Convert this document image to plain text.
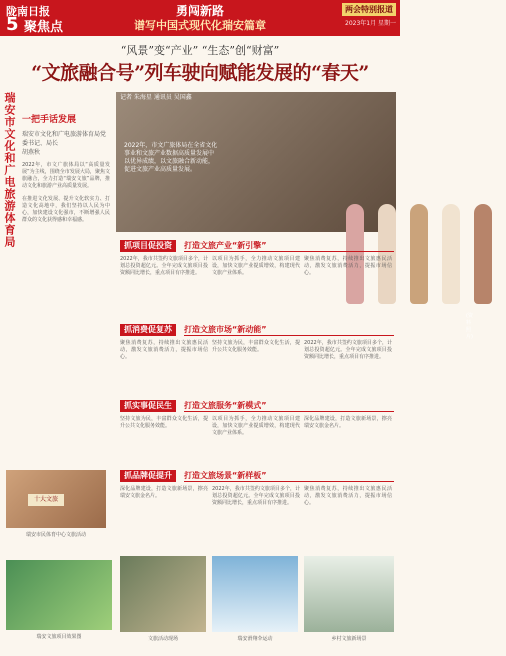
陇南日报
5 聚焦点
勇闯新路
谱写中国式现代化瑞安篇章
两会特别报道
2023年1月 星期一
“风景”变“产业” “生态”创“财富”
“文旅融合号”列车驶向赋能发展的“春天”
瑞安市文化和广电旅游体育局 一把手话发展
瑞安市文化和广电旅游体育局党委书记、局长
胡燕秋
2022年，市文广旅体局以“高质量发展”为主线，围绕全市发展大局，聚焦文旅融合，全力打造“瑞安文旅”品牌，推动文化和旅游产业高质量发展。
在推进文化发展、提升文化软实力、打造文化高地中，我们坚持以人民为中心，加快建设文化强市，不断增强人民群众的文化获得感和幸福感。
十大文旅
瑞安市民体育中心文旅活动
瑞安文旅项目效果图
(资料照片)
记者 朱海星 通讯员 吴国鑫
2022年，市文广旅体局在全省文化事业和文旅产业数据高质量发展中以优异成绩，以文旅融合新动能，促进文旅产业高质量发展。
抓项目促投资	打造文旅产业“新引擎”
2022年，我市共签约文旅项目多个，计划总投资超亿元。全年完成文旅项目投资额同比增长，重点项目有序推进。
以项目为抓手，全力推动文旅项目建设，加快文旅产业提质增效，构建现代文旅产业体系。
聚焦消费复苏，持续推出文旅惠民活动，激发文旅消费活力，提振市场信心。
抓消费促复苏	打造文旅市场“新动能”
聚焦消费复苏，持续推出文旅惠民活动，激发文旅消费活力，提振市场信心。
坚持文旅为民，丰富群众文化生活，提升公共文化服务效能。
2022年，我市共签约文旅项目多个，计划总投资超亿元。全年完成文旅项目投资额同比增长，重点项目有序推进。
抓实事促民生	打造文旅服务“新模式”
坚持文旅为民，丰富群众文化生活，提升公共文化服务效能。
以项目为抓手，全力推动文旅项目建设，加快文旅产业提质增效，构建现代文旅产业体系。
深化品牌建设，打造文旅新场景，擦亮瑞安文旅金名片。
抓品牌促提升	打造文旅场景“新样板”
深化品牌建设，打造文旅新场景，擦亮瑞安文旅金名片。
2022年，我市共签约文旅项目多个，计划总投资超亿元。全年完成文旅项目投资额同比增长，重点项目有序推进。
聚焦消费复苏，持续推出文旅惠民活动，激发文旅消费活力，提振市场信心。
文旅活动现场	瑞安滑翔伞运动	乡村文旅新场景
